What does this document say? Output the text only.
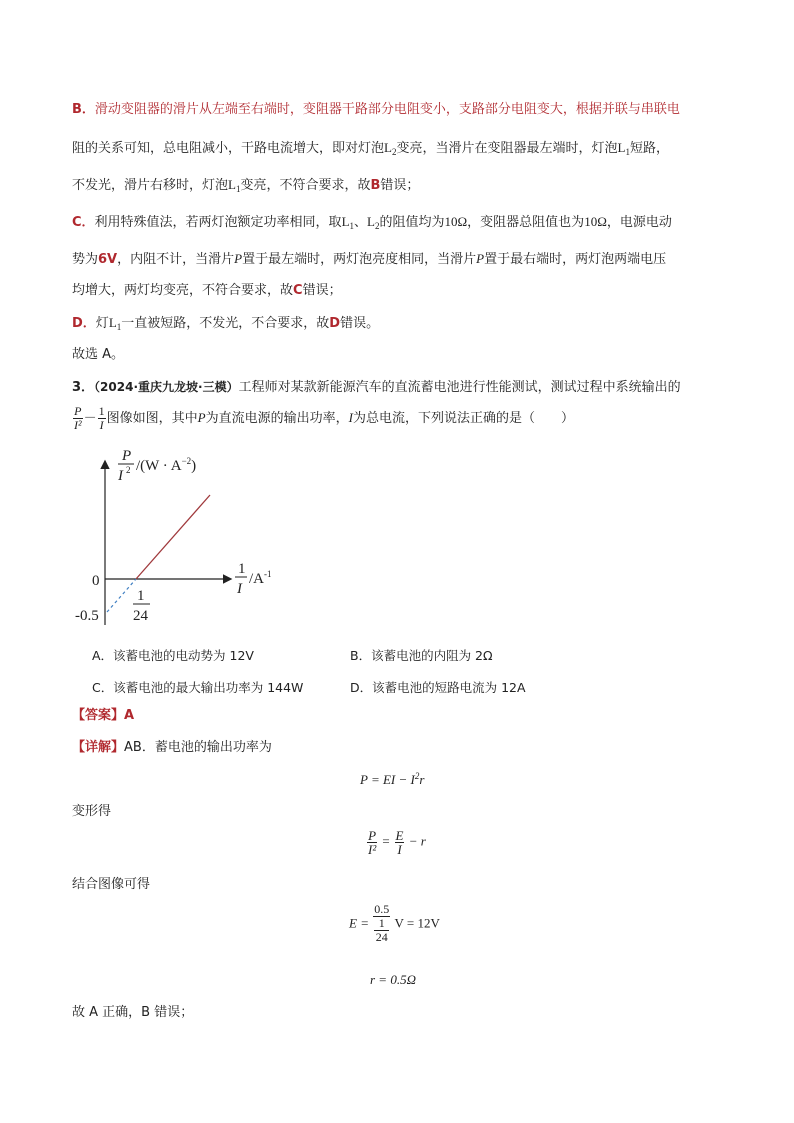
B．滑动变阻器的滑片从左端至右端时，变阻器干路部分电阻变小，支路部分电阻变大，根据并联与串联电
阻的关系可知，总电阻减小，干路电流增大，即对灯泡$L_2$变亮，当滑片在变阻器最左端时，灯泡$L_1$短路，
不发光，滑片右移时，灯泡$L_1$变亮，不符合要求，故B错误；
C．利用特殊值法，若两灯泡额定功率相同，取$L_1$、$L_2$的阻值均为10Ω，变阻器总阻值也为10Ω，电源电动
势为6V，内阻不计，当滑片P置于最左端时，两灯泡亮度相同，当滑片P置于最右端时，两灯泡两端电压
均增大，两灯均变亮，不符合要求，故C错误；
D．灯$L_1$一直被短路，不发光，不合要求，故D错误。
故选 A。
3．（2024·重庆九龙坡·三模）工程师对某款新能源汽车的直流蓄电池进行性能测试，测试过程中系统输出的
$\frac{P}{\text{I²}} - \frac{1}{I}$ 图像如图，其中P为直流电源的输出功率，I为总电流，下列说法正确的是（　　）
P
I 2 $/(W \cdot A^{-2})$
1
I
$/A^{-1}$
0
-0.5
1
24
A．该蓄电池的电动势为 12V	B．该蓄电池的内阻为 2Ω
C．该蓄电池的最大输出功率为 144W	D．该蓄电池的短路电流为 12A
【答案】A
【详解】AB．蓄电池的输出功率为
P = EI − $I^2r$
变形得
$\frac{P}{\text{I²}} = \frac{E}{I} - r$
结合图像可得
E = 0.5
1
24 V = 12V
r = 0.5Ω
故 A 正确，B 错误；
